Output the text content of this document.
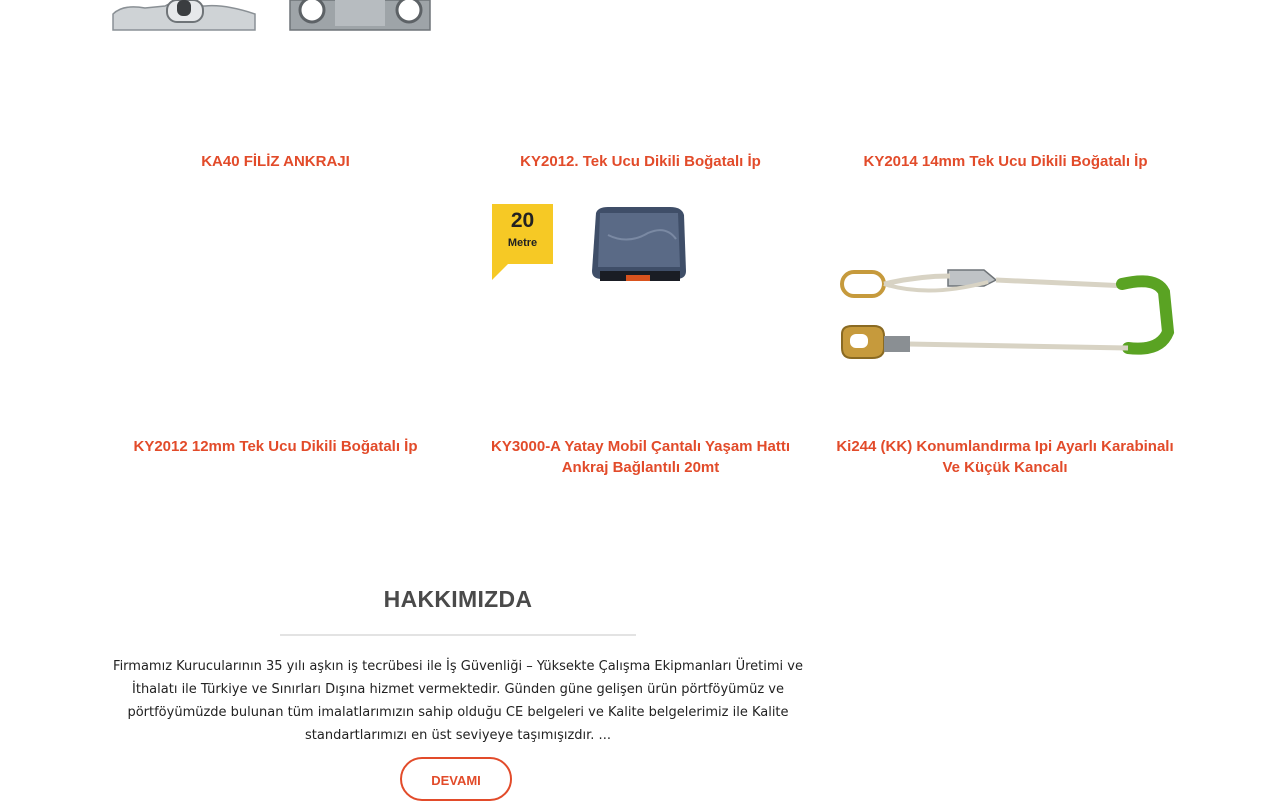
KA40 FİLİZ ANKRAJI	KY2012. Tek Ucu Dikili Boğatalı İp	KY2014 14mm Tek Ucu Dikili Boğatalı İp
20
Metre
KY2012 12mm Tek Ucu Dikili Boğatalı İp	KY3000-A Yatay Mobil Çantalı Yaşam Hattı
Ankraj Bağlantılı 20mt
Ki244 (KK) Konumlandırma Ipi Ayarlı Karabinalı
Ve Küçük Kancalı
HAKKIMIZDA
Firmamız Kurucularının 35 yılı aşkın iş tecrübesi ile İş Güvenliği – Yüksekte Çalışma Ekipmanları Üretimi ve
İthalatı ile Türkiye ve Sınırları Dışına hizmet vermektedir. Günden güne gelişen ürün pörtföyümüz ve
pörtföyümüzde bulunan tüm imalatlarımızın sahip olduğu CE belgeleri ve Kalite belgelerimiz ile Kalite
standartlarımızı en üst seviyeye taşımışızdır. ...
DEVAMI
